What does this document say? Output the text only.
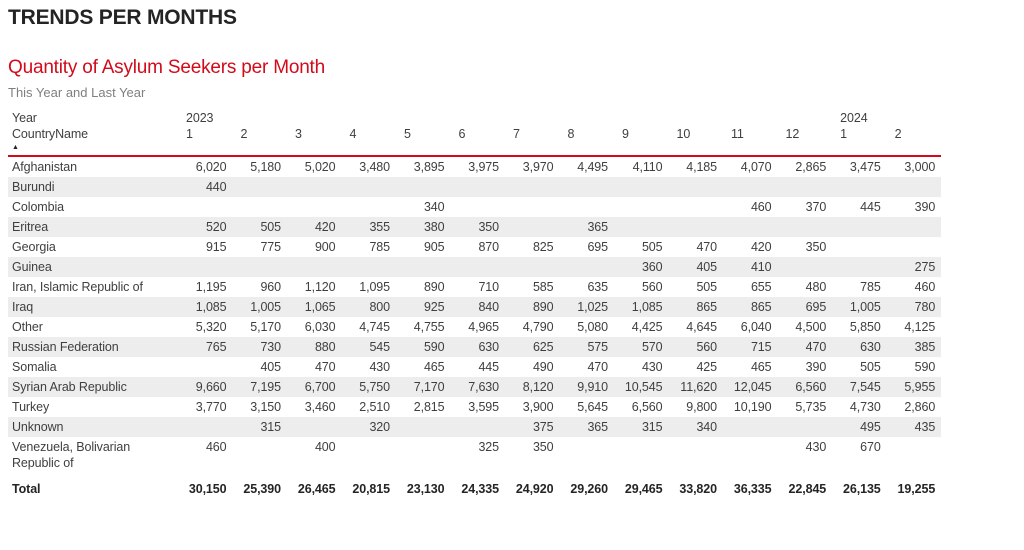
TRENDS PER MONTHS
Quantity of Asylum Seekers per Month
This Year and Last Year
Year	2023												2024	
CountryName
▲	1	2	3	4	5	6	7	8	9	10	11	12	1	2
Afghanistan	6,020	5,180	5,020	3,480	3,895	3,975	3,970	4,495	4,110	4,185	4,070	2,865	3,475	3,000
Burundi	440													
Colombia					340						460	370	445	390
Eritrea	520	505	420	355	380	350		365						
Georgia	915	775	900	785	905	870	825	695	505	470	420	350		
Guinea									360	405	410			275
Iran, Islamic Republic of	1,195	960	1,120	1,095	890	710	585	635	560	505	655	480	785	460
Iraq	1,085	1,005	1,065	800	925	840	890	1,025	1,085	865	865	695	1,005	780
Other	5,320	5,170	6,030	4,745	4,755	4,965	4,790	5,080	4,425	4,645	6,040	4,500	5,850	4,125
Russian Federation	765	730	880	545	590	630	625	575	570	560	715	470	630	385
Somalia		405	470	430	465	445	490	470	430	425	465	390	505	590
Syrian Arab Republic	9,660	7,195	6,700	5,750	7,170	7,630	8,120	9,910	10,545	11,620	12,045	6,560	7,545	5,955
Turkey	3,770	3,150	3,460	2,510	2,815	3,595	3,900	5,645	6,560	9,800	10,190	5,735	4,730	2,860
Unknown		315		320			375	365	315	340			495	435
Venezuela, Bolivarian Republic of	460		400			325	350					430	670	
Total	30,150	25,390	26,465	20,815	23,130	24,335	24,920	29,260	29,465	33,820	36,335	22,845	26,135	19,255
